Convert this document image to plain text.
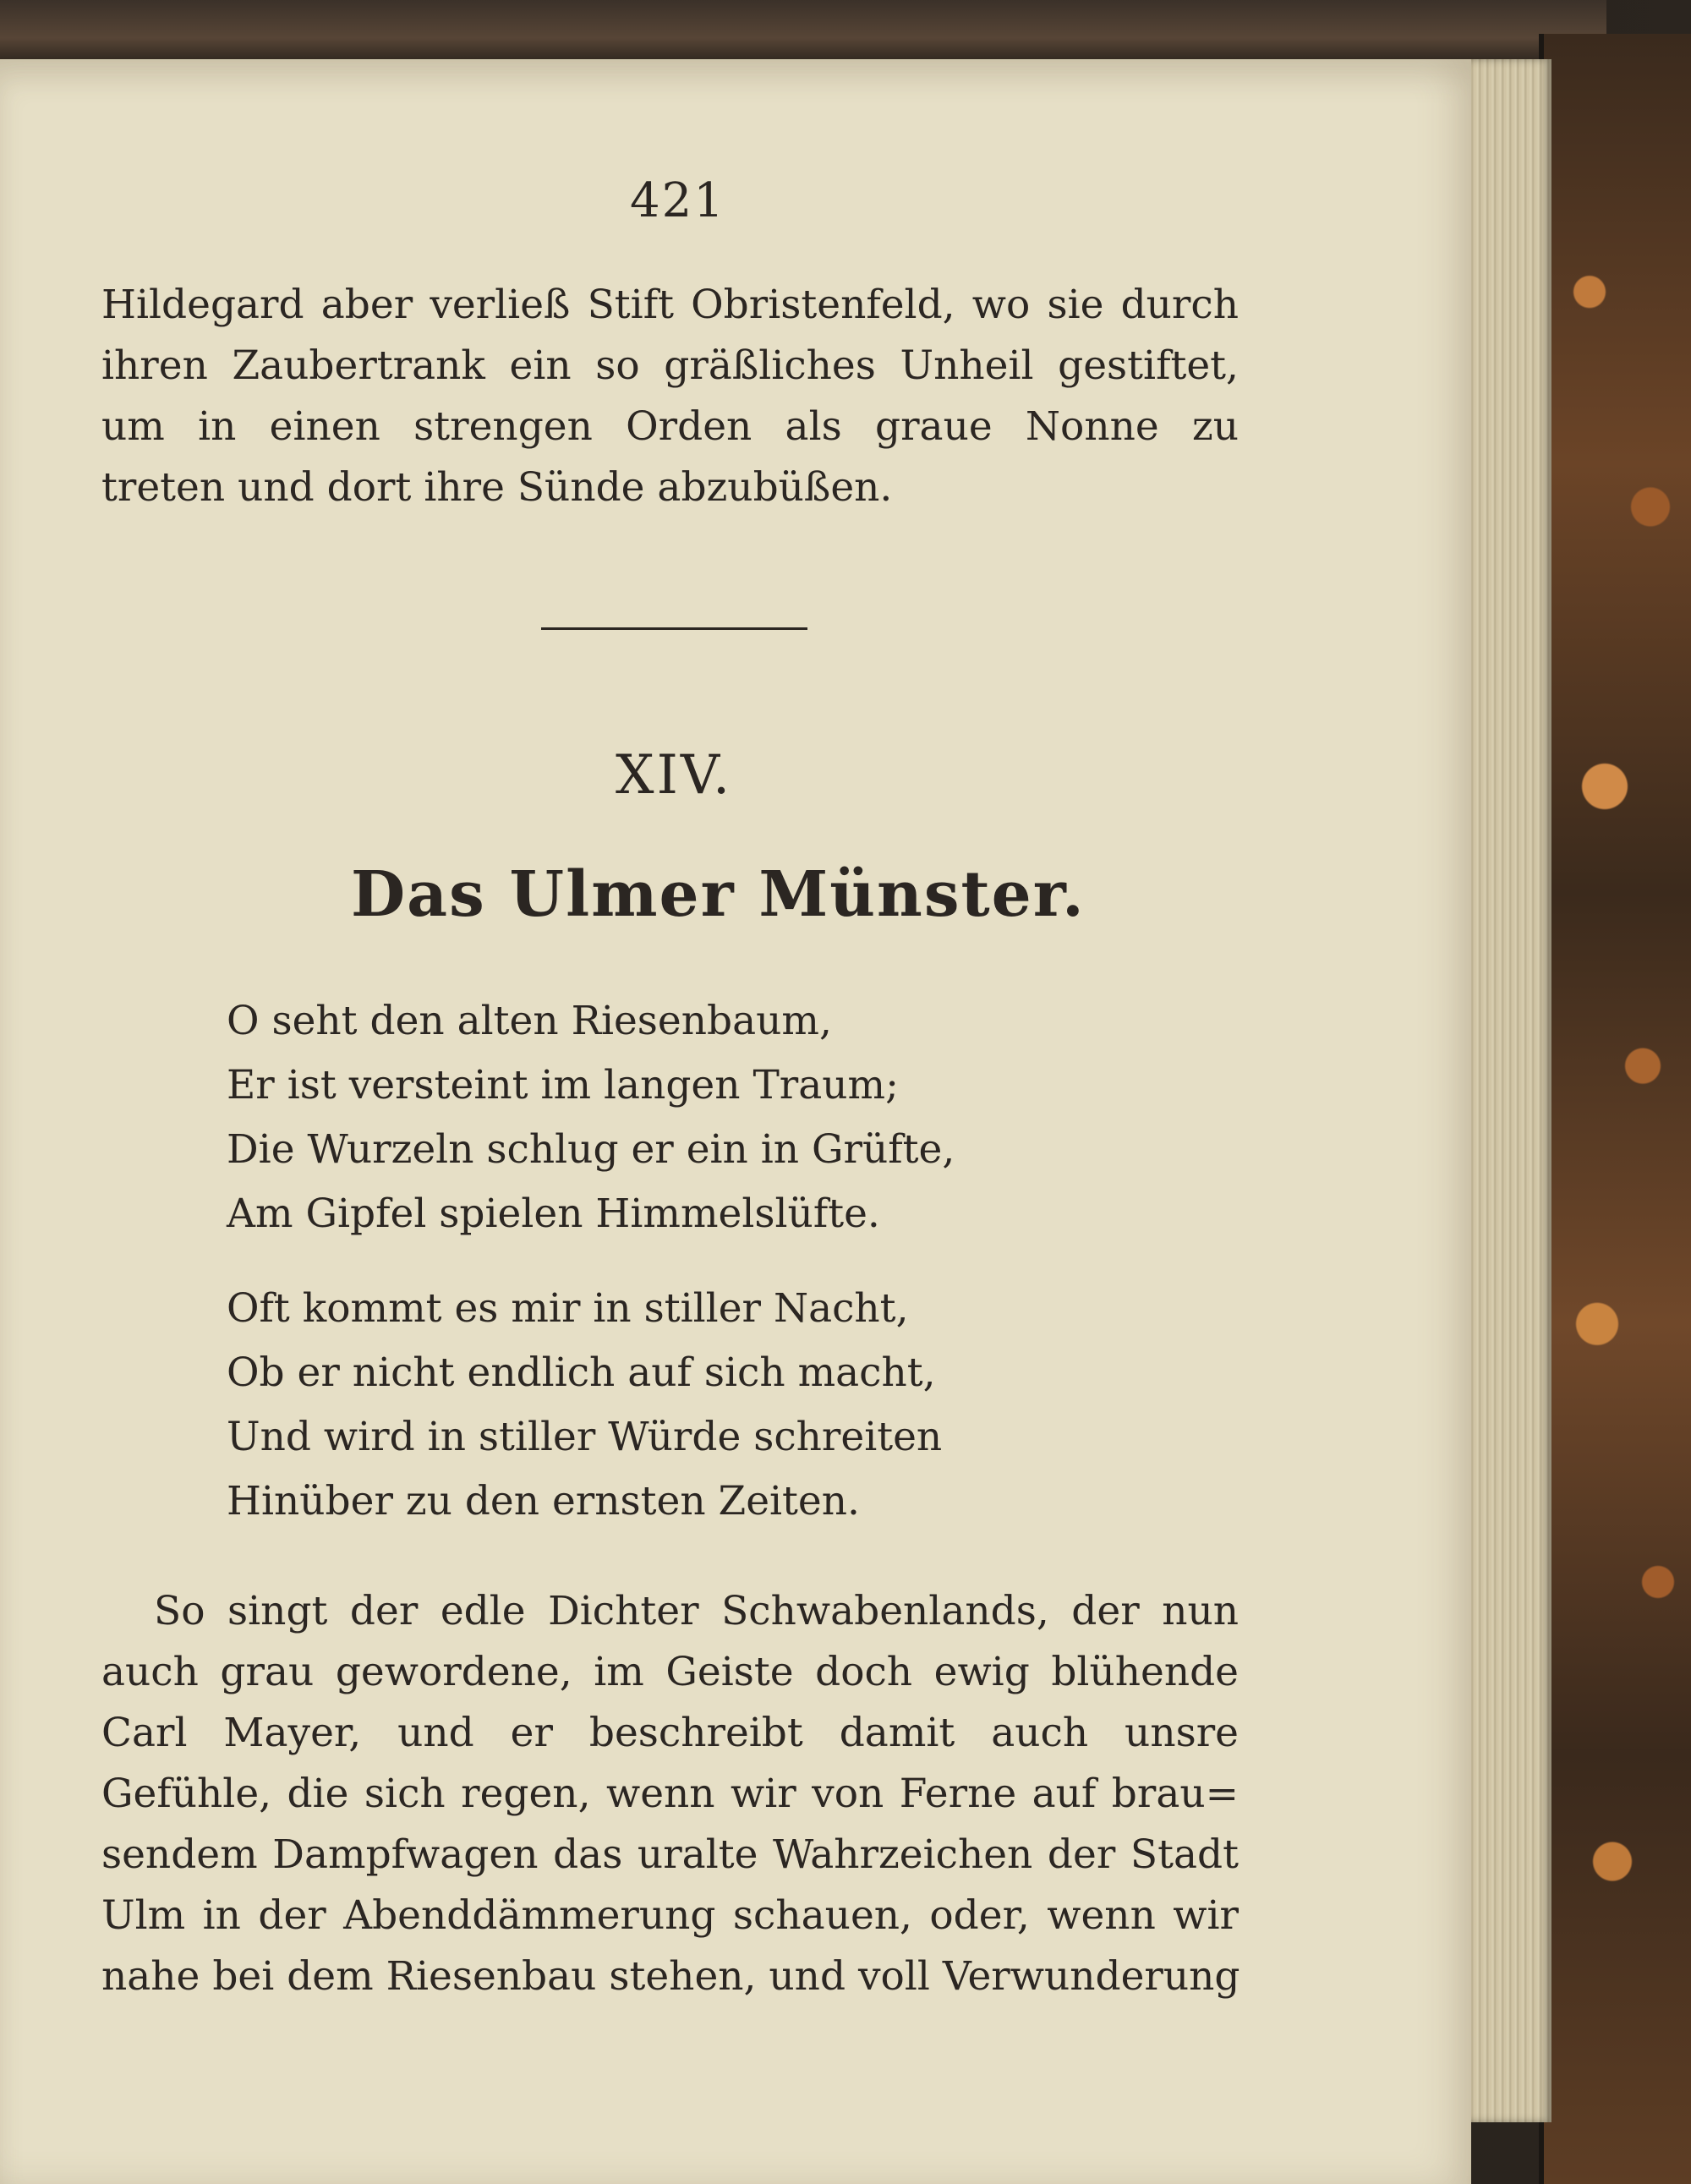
421
Hildegard aber verließ Stift Obristenfeld, wo sie durch
ihren Zaubertrank ein so gräßliches Unheil gestiftet,
um in einen strengen Orden als graue Nonne zu
treten und dort ihre Sünde abzubüßen.
XIV.
Das Ulmer Münster.
O seht den alten Riesenbaum,
Er ist versteint im langen Traum;
Die Wurzeln schlug er ein in Grüfte,
Am Gipfel spielen Himmelslüfte.
Oft kommt es mir in stiller Nacht,
Ob er nicht endlich auf sich macht,
Und wird in stiller Würde schreiten
Hinüber zu den ernsten Zeiten.
So singt der edle Dichter Schwabenlands, der nun
auch grau gewordene, im Geiste doch ewig blühende
Carl Mayer, und er beschreibt damit auch unsre
Gefühle, die sich regen, wenn wir von Ferne auf brau=
sendem Dampfwagen das uralte Wahrzeichen der Stadt
Ulm in der Abenddämmerung schauen, oder, wenn wir
nahe bei dem Riesenbau stehen, und voll Verwunderung
